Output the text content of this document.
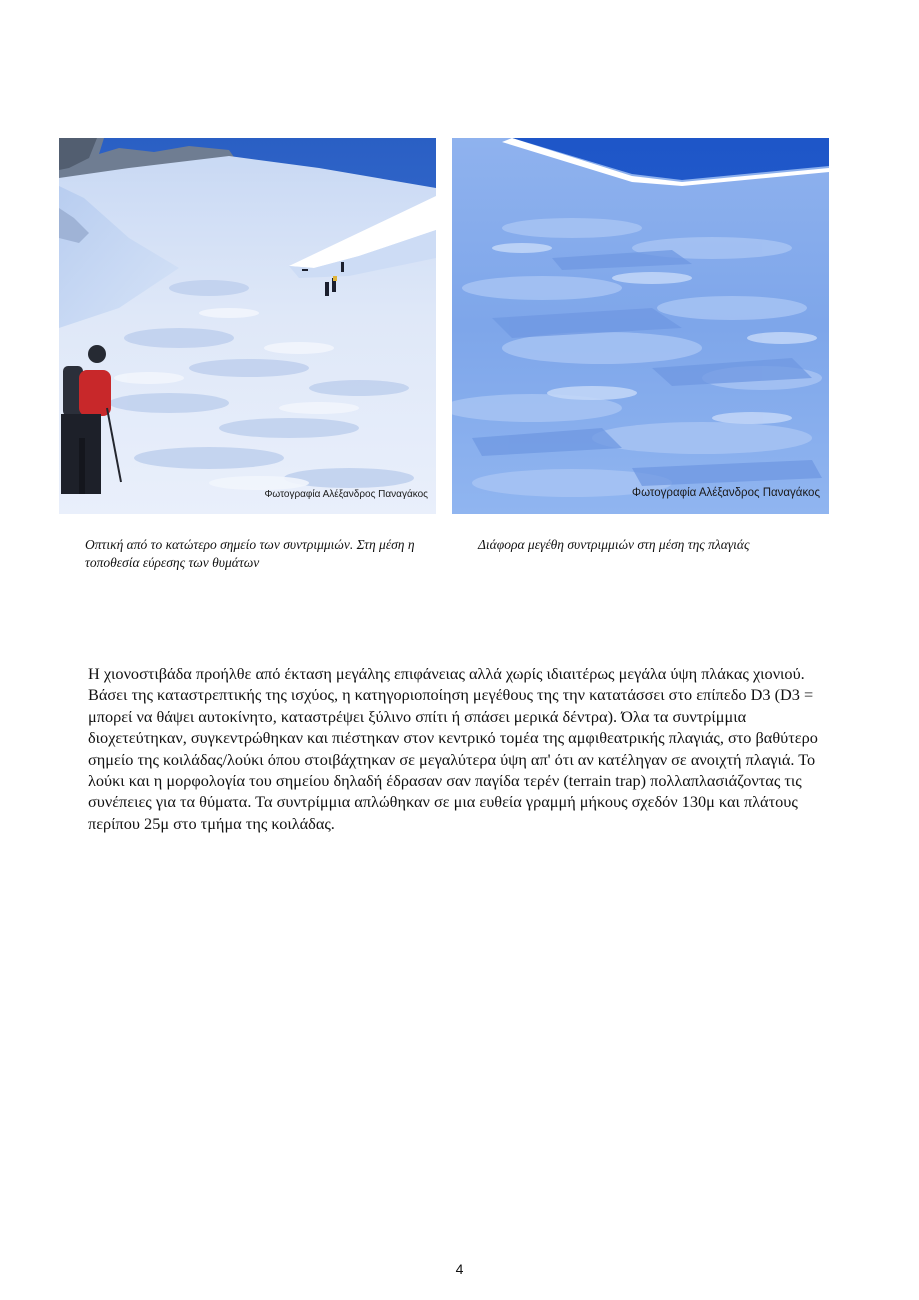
Φωτογραφία Αλέξανδρος Παναγάκος	Φωτογραφία Αλέξανδρος Παναγάκος
Οπτική από το κατώτερο σημείο των συντριμμιών. Στη μέση η τοποθεσία εύρεσης των θυμάτων
Διάφορα μεγέθη συντριμμιών στη μέση της πλαγιάς

Η χιονοστιβάδα προήλθε από έκταση μεγάλης επιφάνειας αλλά χωρίς ιδιαιτέρως μεγάλα ύψη πλάκας χιονιού. Βάσει της καταστρεπτικής της ισχύος, η κατηγοριοποίηση μεγέθους της την κατατάσσει στο επίπεδο D3 (D3 = μπορεί να θάψει αυτοκίνητο, καταστρέψει ξύλινο σπίτι ή σπάσει μερικά δέντρα). Όλα τα συντρίμμια διοχετεύτηκαν, συγκεντρώθηκαν και πιέστηκαν στον κεντρικό τομέα της αμφιθεατρικής πλαγιάς, στο βαθύτερο σημείο της κοιλάδας/λούκι όπου στοιβάχτηκαν σε μεγαλύτερα ύψη απ' ότι αν κατέληγαν σε ανοιχτή πλαγιά. Το λούκι και η μορφολογία του σημείου δηλαδή έδρασαν σαν παγίδα τερέν (terrain trap) πολλαπλασιάζοντας τις συνέπειες για τα θύματα. Τα συντρίμμια απλώθηκαν σε μια ευθεία γραμμή μήκους σχεδόν 130μ και πλάτους περίπου 25μ στο τμήμα της κοιλάδας.

4
